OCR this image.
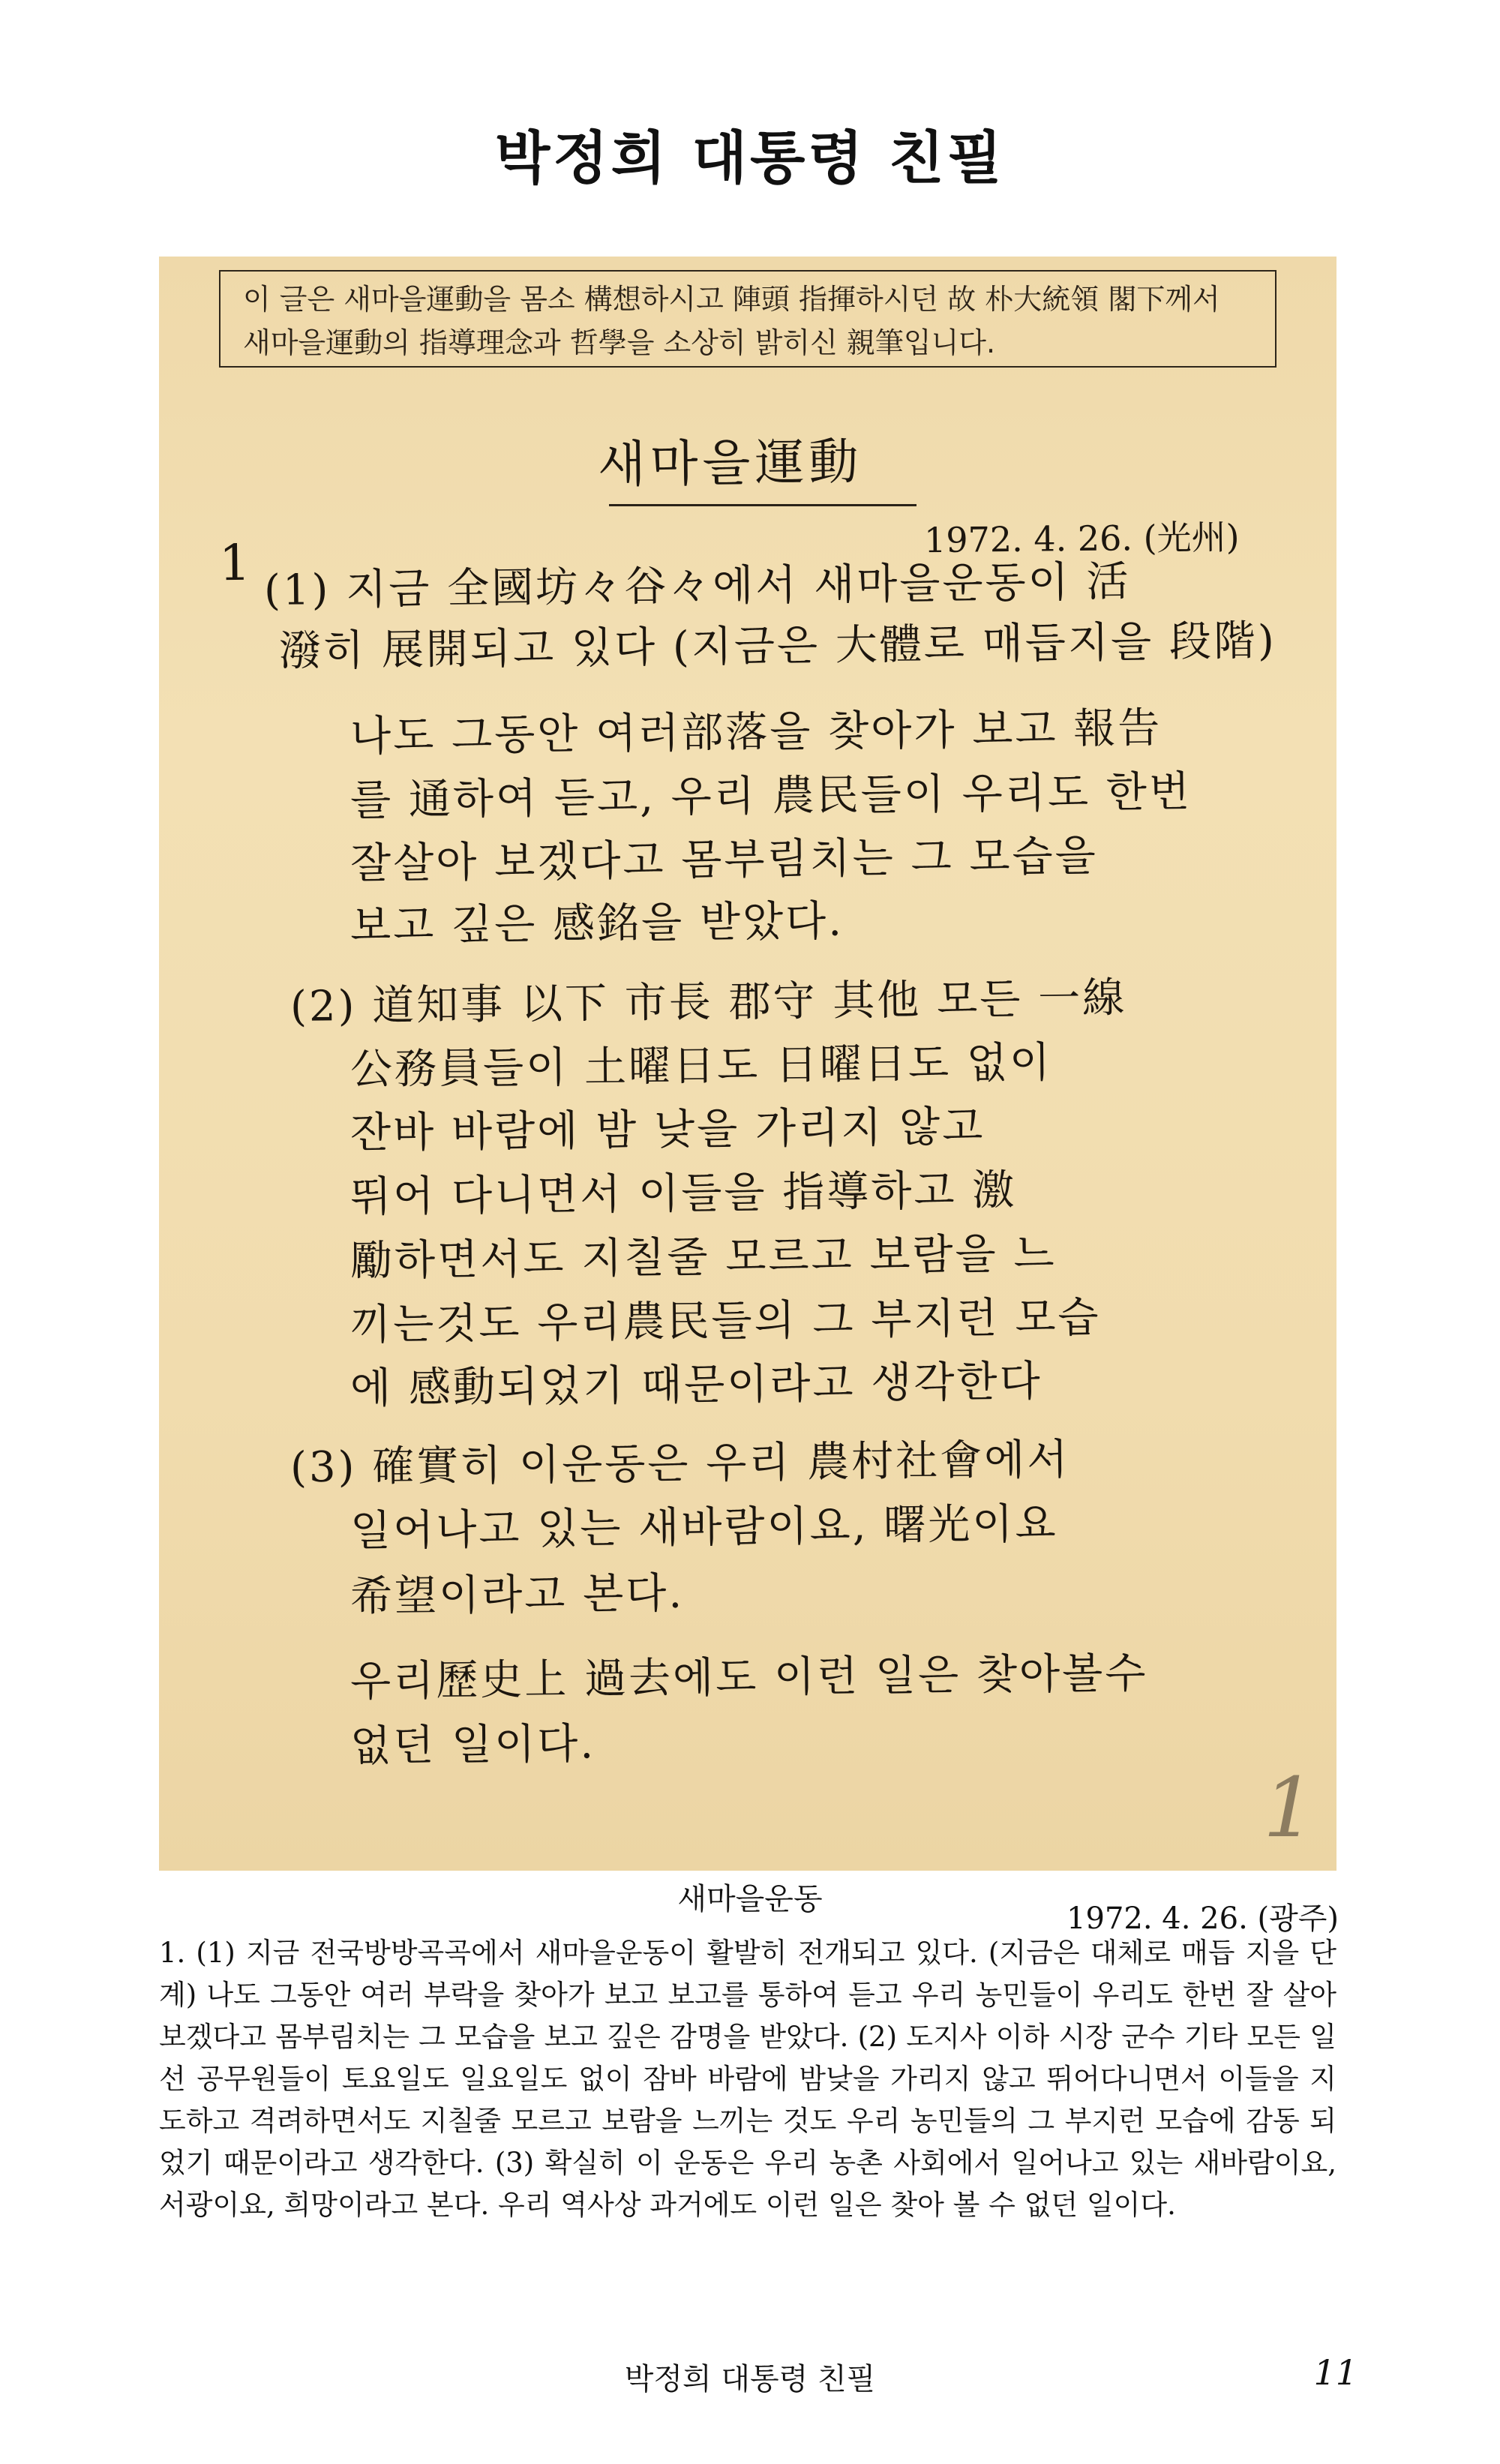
박정희 대통령 친필
이 글은 새마을運動을 몸소 構想하시고 陣頭 指揮하시던 故 朴大統領 閣下께서 새마을運動의 指導理念과 哲學을 소상히 밝히신 親筆입니다.
새마을運動
1972. 4. 26. (光州)
1 (1) 지금 全國坊々谷々에서 새마을운동이 活
潑히 展開되고 있다 (지금은 大體로 매듭지을 段階)
나도 그동안 여러部落을 찾아가 보고 報告
를 通하여 듣고, 우리 農民들이 우리도 한번
잘살아 보겠다고 몸부림치는 그 모습을
보고 깊은 感銘을 받았다.
(2) 道知事 以下 市長 郡守 其他 모든 一線
公務員들이 土曜日도 日曜日도 없이
잔바 바람에 밤 낮을 가리지 않고
뛰어 다니면서 이들을 指導하고 激
勵하면서도 지칠줄 모르고 보람을 느
끼는것도 우리農民들의 그 부지런 모습
에 感動되었기 때문이라고 생각한다
(3) 確實히 이운동은 우리 農村社會에서
일어나고 있는 새바람이요, 曙光이요
希望이라고 본다.
우리歷史上 過去에도 이런 일은 찾아볼수
없던 일이다.
1
새마을운동
1972. 4. 26. (광주)
1. (1) 지금 전국방방곡곡에서 새마을운동이 활발히 전개되고 있다. (지금은 대체로 매듭 지을 단계) 나도 그동안 여러 부락을 찾아가 보고 보고를 통하여 듣고 우리 농민들이 우리도 한번 잘 살아 보겠다고 몸부림치는 그 모습을 보고 깊은 감명을 받았다. (2) 도지사 이하 시장 군수 기타 모든 일선 공무원들이 토요일도 일요일도 없이 잠바 바람에 밤낮을 가리지 않고 뛰어다니면서 이들을 지도하고 격려하면서도 지칠줄 모르고 보람을 느끼는 것도 우리 농민들의 그 부지런 모습에 감동 되었기 때문이라고 생각한다. (3) 확실히 이 운동은 우리 농촌 사회에서 일어나고 있는 새바람이요, 서광이요, 희망이라고 본다. 우리 역사상 과거에도 이런 일은 찾아 볼 수 없던 일이다.
박정희 대통령 친필	11
